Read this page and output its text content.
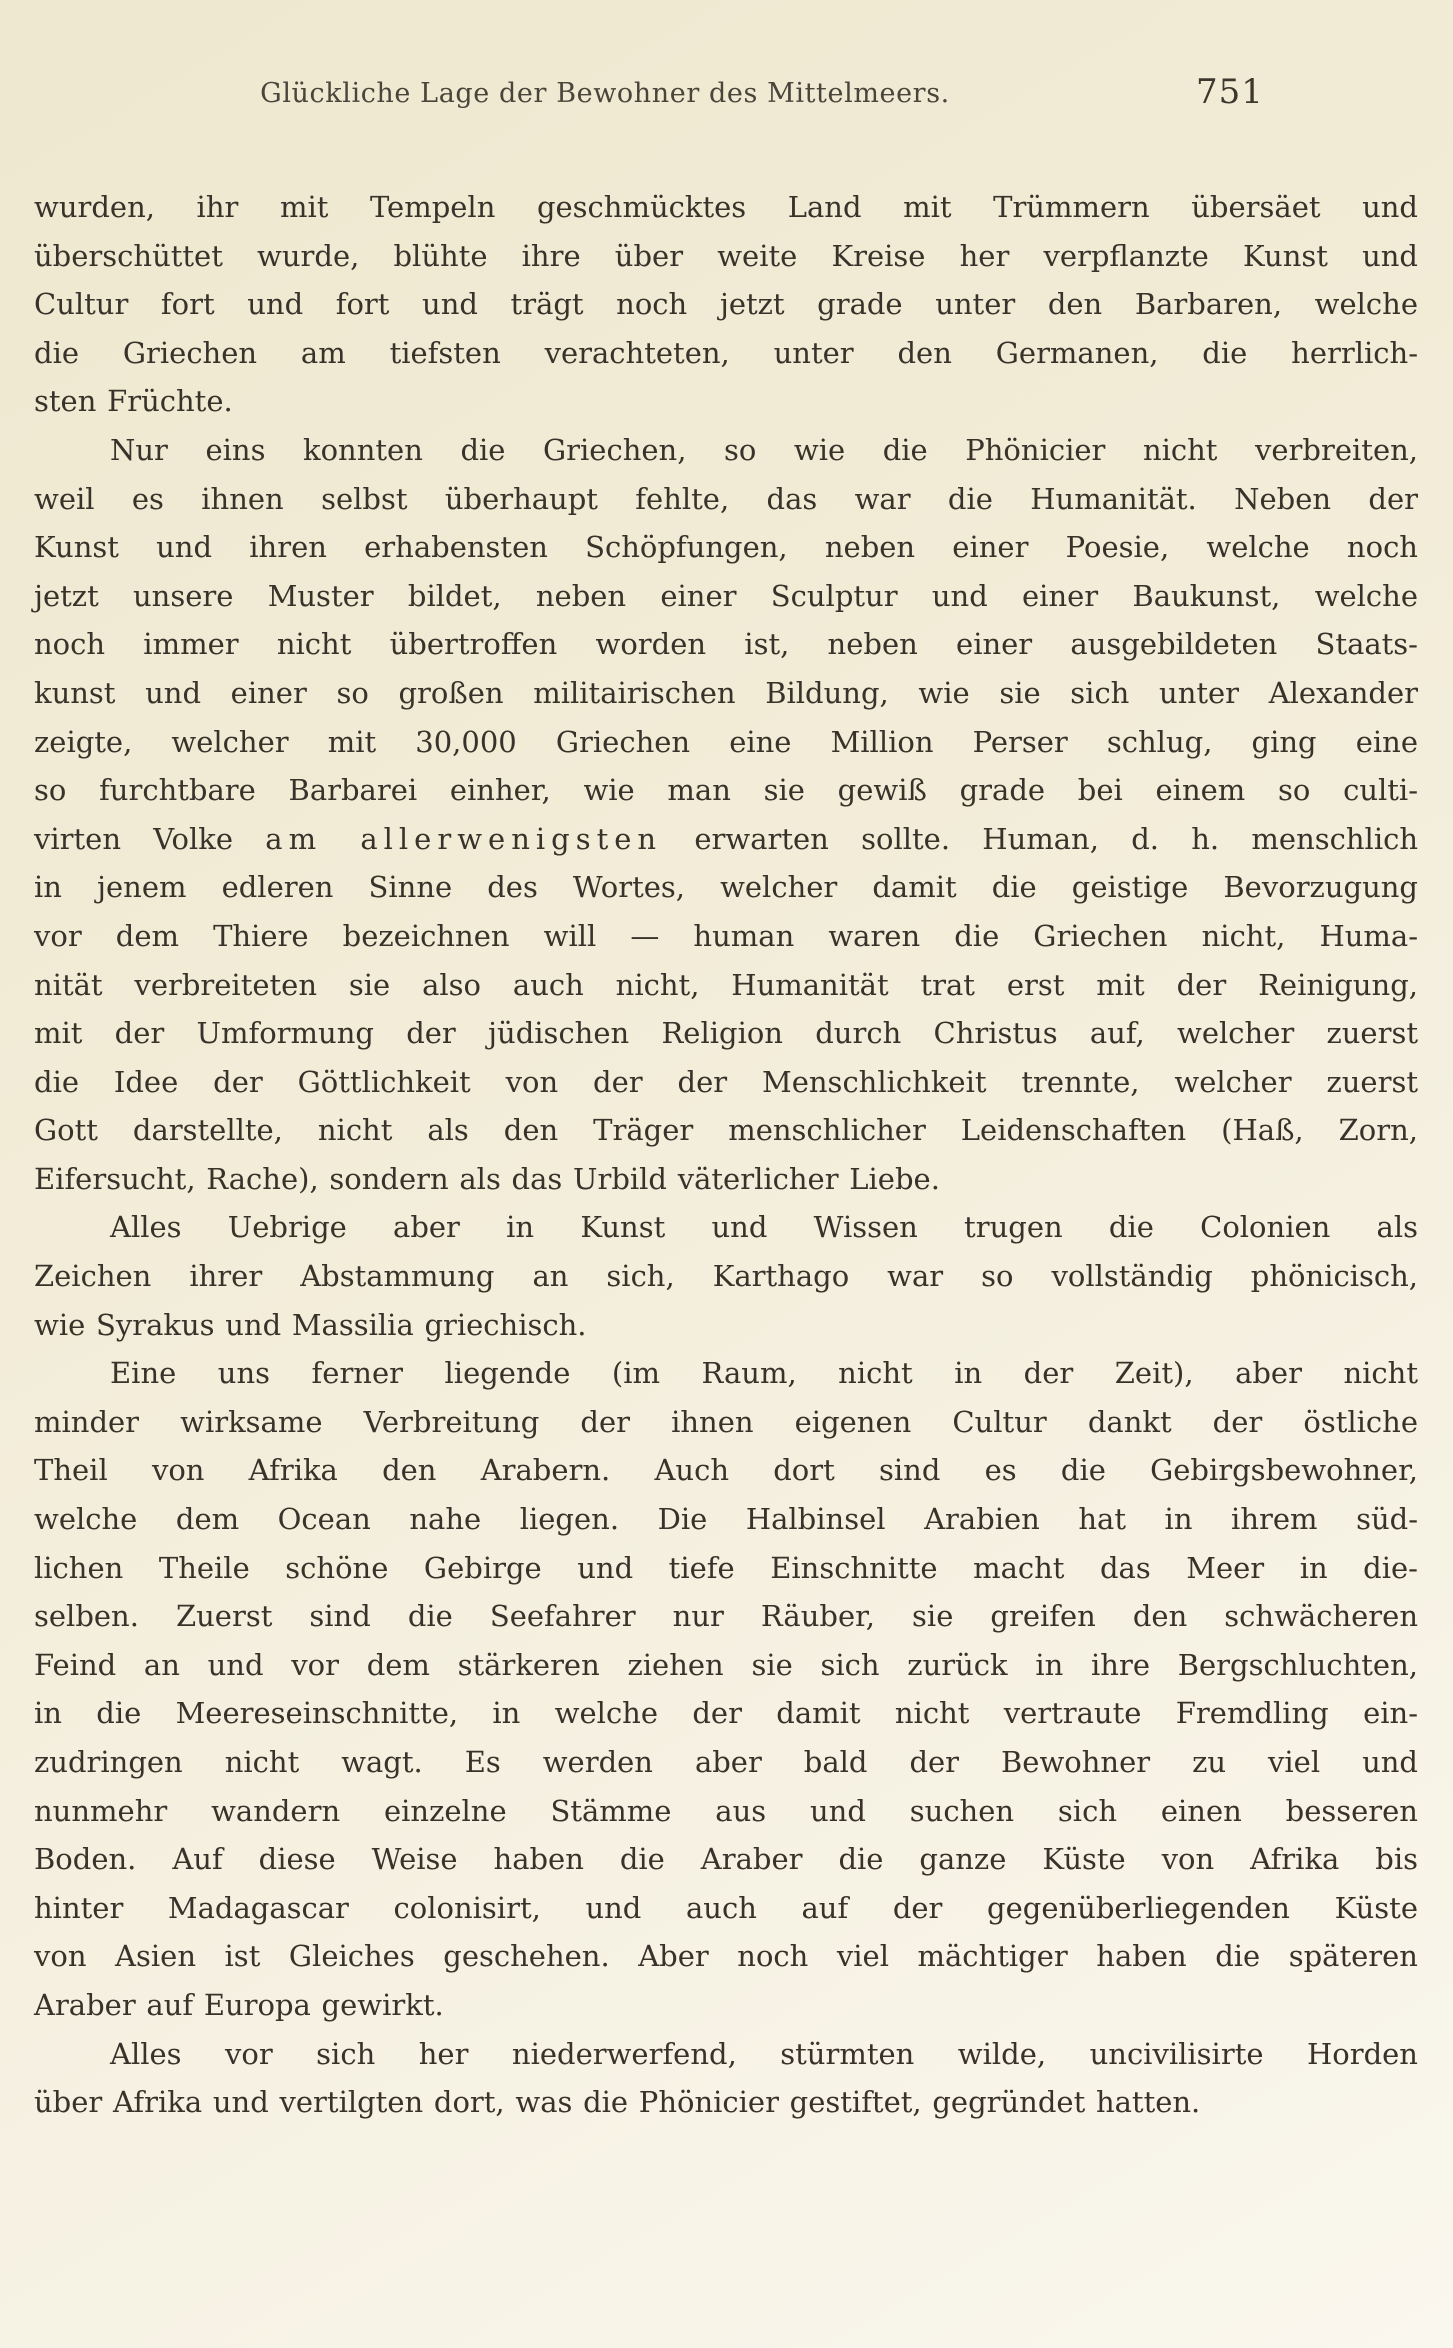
Glückliche Lage der Bewohner des Mittelmeers.	751
wurden, ihr mit Tempeln geschmücktes Land mit Trümmern übersäet und
überschüttet wurde, blühte ihre über weite Kreise her verpflanzte Kunst und
Cultur fort und fort und trägt noch jetzt grade unter den Barbaren, welche
die Griechen am tiefsten verachteten, unter den Germanen, die herrlich-
sten Früchte.
Nur eins konnten die Griechen, so wie die Phönicier nicht verbreiten,
weil es ihnen selbst überhaupt fehlte, das war die Humanität. Neben der
Kunst und ihren erhabensten Schöpfungen, neben einer Poesie, welche noch
jetzt unsere Muster bildet, neben einer Sculptur und einer Baukunst, welche
noch immer nicht übertroffen worden ist, neben einer ausgebildeten Staats-
kunst und einer so großen militairischen Bildung, wie sie sich unter Alexander
zeigte, welcher mit 30,000 Griechen eine Million Perser schlug, ging eine
so furchtbare Barbarei einher, wie man sie gewiß grade bei einem so culti-
virten Volke am allerwenigsten erwarten sollte. Human, d. h. menschlich
in jenem edleren Sinne des Wortes, welcher damit die geistige Bevorzugung
vor dem Thiere bezeichnen will — human waren die Griechen nicht, Huma-
nität verbreiteten sie also auch nicht, Humanität trat erst mit der Reinigung,
mit der Umformung der jüdischen Religion durch Christus auf, welcher zuerst
die Idee der Göttlichkeit von der der Menschlichkeit trennte, welcher zuerst
Gott darstellte, nicht als den Träger menschlicher Leidenschaften (Haß, Zorn,
Eifersucht, Rache), sondern als das Urbild väterlicher Liebe.
Alles Uebrige aber in Kunst und Wissen trugen die Colonien als
Zeichen ihrer Abstammung an sich, Karthago war so vollständig phönicisch,
wie Syrakus und Massilia griechisch.
Eine uns ferner liegende (im Raum, nicht in der Zeit), aber nicht
minder wirksame Verbreitung der ihnen eigenen Cultur dankt der östliche
Theil von Afrika den Arabern. Auch dort sind es die Gebirgsbewohner,
welche dem Ocean nahe liegen. Die Halbinsel Arabien hat in ihrem süd-
lichen Theile schöne Gebirge und tiefe Einschnitte macht das Meer in die-
selben. Zuerst sind die Seefahrer nur Räuber, sie greifen den schwächeren
Feind an und vor dem stärkeren ziehen sie sich zurück in ihre Bergschluchten,
in die Meereseinschnitte, in welche der damit nicht vertraute Fremdling ein-
zudringen nicht wagt. Es werden aber bald der Bewohner zu viel und
nunmehr wandern einzelne Stämme aus und suchen sich einen besseren
Boden. Auf diese Weise haben die Araber die ganze Küste von Afrika bis
hinter Madagascar colonisirt, und auch auf der gegenüberliegenden Küste
von Asien ist Gleiches geschehen. Aber noch viel mächtiger haben die späteren
Araber auf Europa gewirkt.
Alles vor sich her niederwerfend, stürmten wilde, uncivilisirte Horden
über Afrika und vertilgten dort, was die Phönicier gestiftet, gegründet hatten.
